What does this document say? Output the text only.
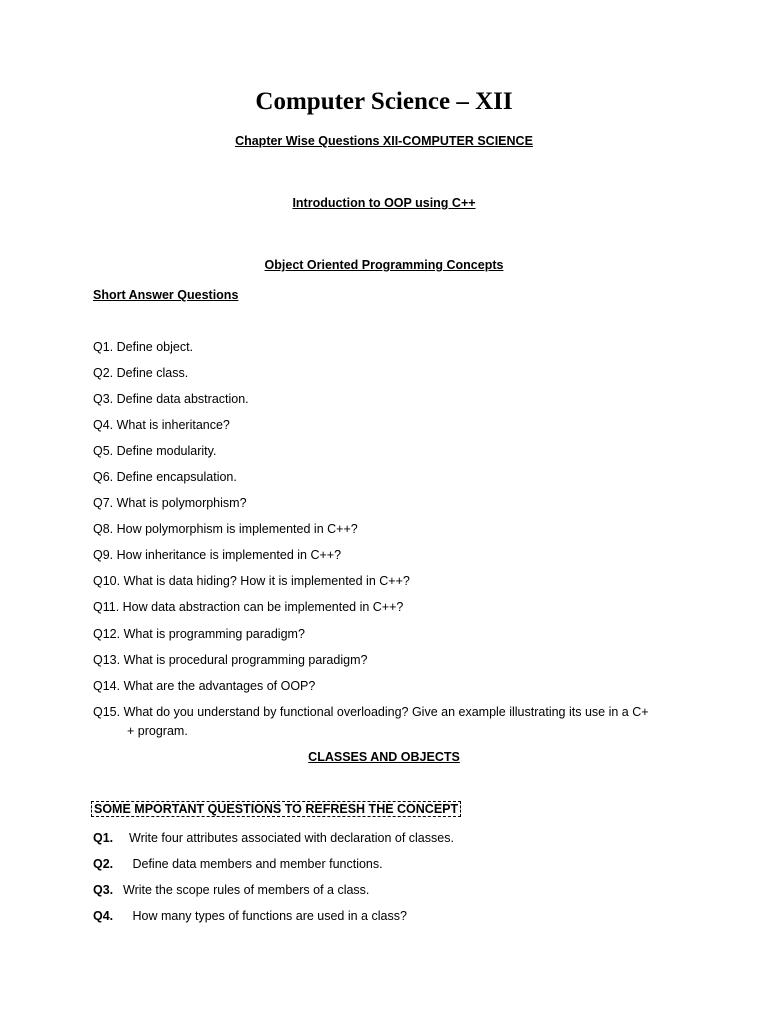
Computer Science – XII
Chapter Wise Questions XII-COMPUTER SCIENCE
Introduction to OOP using C++
Object Oriented Programming Concepts
Short Answer Questions
Q1. Define object.
Q2. Define class.
Q3. Define data abstraction.
Q4. What is inheritance?
Q5. Define modularity.
Q6. Define encapsulation.
Q7. What is polymorphism?
Q8. How polymorphism is implemented in C++?
Q9. How inheritance is implemented in C++?
Q10. What is data hiding? How it is implemented in C++?
Q11. How data abstraction can be implemented in C++?
Q12. What is programming paradigm?
Q13. What is procedural programming paradigm?
Q14. What are the advantages of OOP?
Q15. What do you understand by functional overloading? Give an example illustrating its use in a C+
+ program.
CLASSES AND OBJECTS
SOME MPORTANT QUESTIONS TO REFRESH THE CONCEPT
Q1. Write four attributes associated with declaration of classes.
Q2. Define data members and member functions.
Q3. Write the scope rules of members of a class.
Q4. How many types of functions are used in a class?
